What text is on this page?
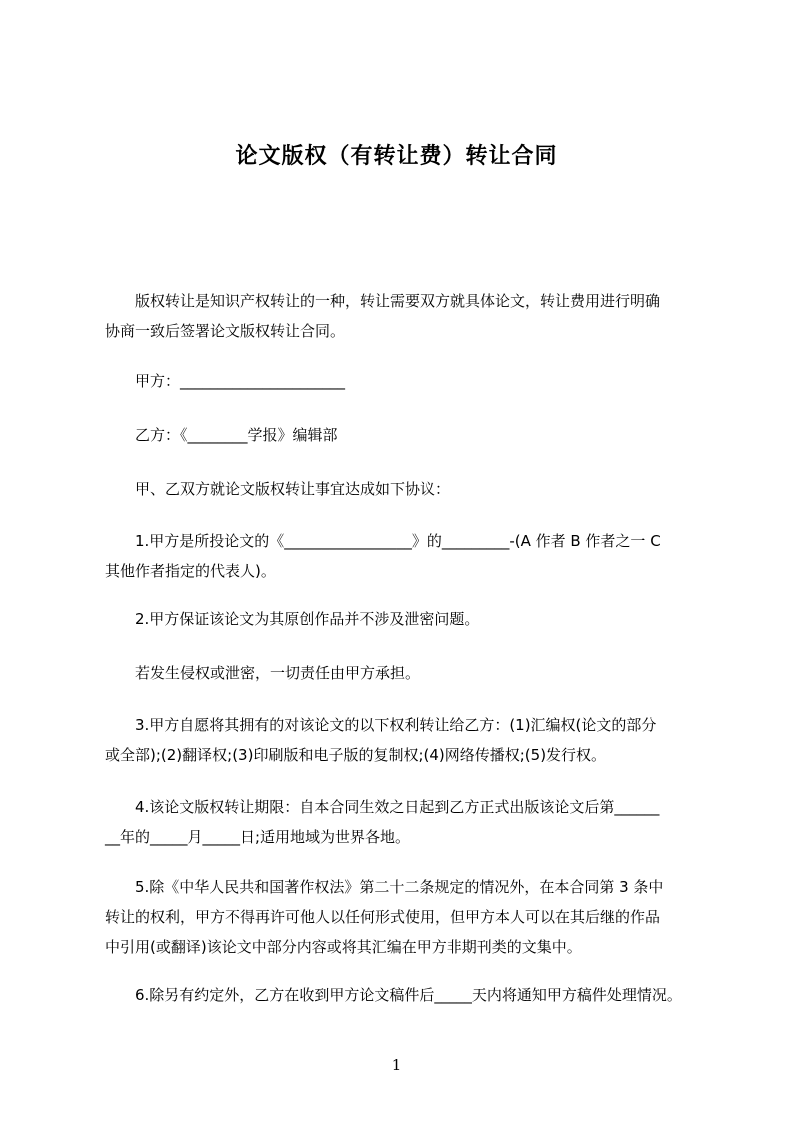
论文版权（有转让费）转让合同
版权转让是知识产权转让的一种，转让需要双方就具体论文，转让费用进行明确
协商一致后签署论文版权转让合同。
甲方：______________________
乙方：《________学报》编辑部
甲、乙双方就论文版权转让事宜达成如下协议：
1.甲方是所投论文的《_________________》的_________-(A 作者 B 作者之一 C
其他作者指定的代表人)。
2.甲方保证该论文为其原创作品并不涉及泄密问题。
若发生侵权或泄密，一切责任由甲方承担。
3.甲方自愿将其拥有的对该论文的以下权利转让给乙方：(1)汇编权(论文的部分
或全部);(2)翻译权;(3)印刷版和电子版的复制权;(4)网络传播权;(5)发行权。
4.该论文版权转让期限：自本合同生效之日起到乙方正式出版该论文后第______
__年的_____月_____日;适用地域为世界各地。
5.除《中华人民共和国著作权法》第二十二条规定的情况外，在本合同第 3 条中
转让的权利，甲方不得再许可他人以任何形式使用，但甲方本人可以在其后继的作品
中引用(或翻译)该论文中部分内容或将其汇编在甲方非期刊类的文集中。
6.除另有约定外，乙方在收到甲方论文稿件后_____天内将通知甲方稿件处理情况。
1
